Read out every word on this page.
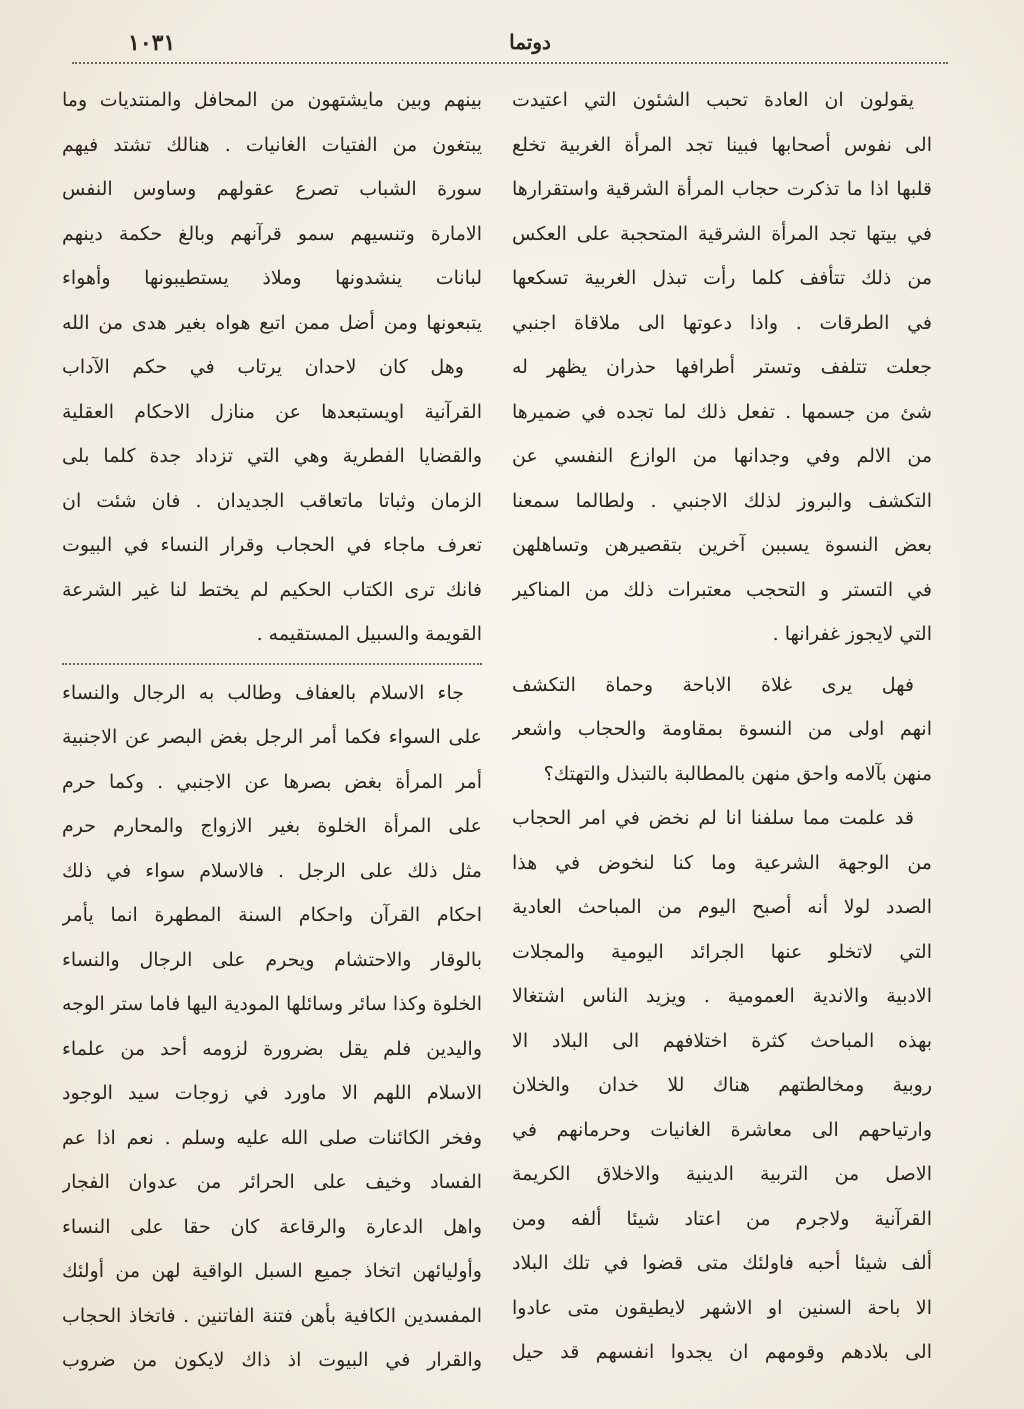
١٠٣١	دوتما
يقولون ان العادة تحبب الشئون التي اعتيدت
الى نفوس أصحابها فبينا تجد المرأة الغربية تخلع
قلبها اذا ما تذكرت حجاب المرأة الشرقية واستقرارها
في بيتها تجد المرأة الشرقية المتحجبة على العكس
من ذلك تتأفف كلما رأت تبذل الغربية تسكعها
في الطرقات . واذا دعوتها الى ملاقاة اجنبي
جعلت تتلفف وتستر أطرافها حذران يظهر له
شئ من جسمها . تفعل ذلك لما تجده في ضميرها
من الالم وفي وجدانها من الوازع النفسي عن
التكشف والبروز لذلك الاجنبي . ولطالما سمعنا
بعض النسوة يسببن آخرين بتقصيرهن وتساهلهن
في التستر و التحجب معتبرات ذلك من المناكير
التي لايجوز غفرانها .
فهل يرى غلاة الاباحة وحماة التكشف
انهم اولى من النسوة بمقاومة والحجاب واشعر
منهن بآلامه واحق منهن بالمطالبة بالتبذل والتهتك؟
قد علمت مما سلفنا انا لم نخض في امر الحجاب
من الوجهة الشرعية وما كنا لنخوض في هذا
الصدد لولا أنه أصبح اليوم من المباحث العادية
التي لاتخلو عنها الجرائد اليومية والمجلات
الادبية والاندية العمومية . ويزيد الناس اشتغالا
بهذه المباحث كثرة اختلافهم الى البلاد الا
روبية ومخالطتهم هناك للا خدان والخلان
وارتياحهم الى معاشرة الغانيات وحرمانهم في
الاصل من التربية الدينية والاخلاق الكريمة
القرآنية ولاجرم من اعتاد شيئا ألفه ومن
ألف شيئا أحبه فاولئك متى قضوا في تلك البلاد
الا باحة السنين او الاشهر لايطيقون متى عادوا
الى بلادهم وقومهم ان يجدوا انفسهم قد حيل
بينهم وبين مايشتهون من المحافل والمنتديات وما
يبتغون من الفتيات الغانيات . هنالك تشتد فيهم
سورة الشباب تصرع عقولهم وساوس النفس
الامارة وتنسيهم سمو قرآنهم وبالغ حكمة دينهم
لبانات ينشدونها وملاذ يستطيبونها وأهواء
يتبعونها ومن أضل ممن اتبع هواه بغير هدى من الله
وهل كان لاحدان يرتاب في حكم الآداب
القرآنية اويستبعدها عن منازل الاحكام العقلية
والقضايا الفطرية وهي التي تزداد جدة كلما بلى
الزمان وثباتا ماتعاقب الجديدان . فان شئت ان
تعرف ماجاء في الحجاب وقرار النساء في البيوت
فانك ترى الكتاب الحكيم لم يختط لنا غير الشرعة
القويمة والسبيل المستقيمه .
جاء الاسلام بالعفاف وطالب به الرجال والنساء
على السواء فكما أمر الرجل بغض البصر عن الاجنبية
أمر المرأة بغض بصرها عن الاجنبي . وكما حرم
على المرأة الخلوة بغير الازواج والمحارم حرم
مثل ذلك على الرجل . فالاسلام سواء في ذلك
احكام القرآن واحكام السنة المطهرة انما يأمر
بالوقار والاحتشام ويحرم على الرجال والنساء
الخلوة وكذا سائر وسائلها المودية اليها فاما ستر الوجه
واليدين فلم يقل بضرورة لزومه أحد من علماء
الاسلام اللهم الا ماورد في زوجات سيد الوجود
وفخر الكائنات صلى الله عليه وسلم . نعم اذا عم
الفساد وخيف على الحرائر من عدوان الفجار
واهل الدعارة والرقاعة كان حقا على النساء
وأوليائهن اتخاذ جميع السبل الواقية لهن من أولئك
المفسدين الكافية بأهن فتنة الفاتنين . فاتخاذ الحجاب
والقرار في البيوت اذ ذاك لايكون من ضروب
